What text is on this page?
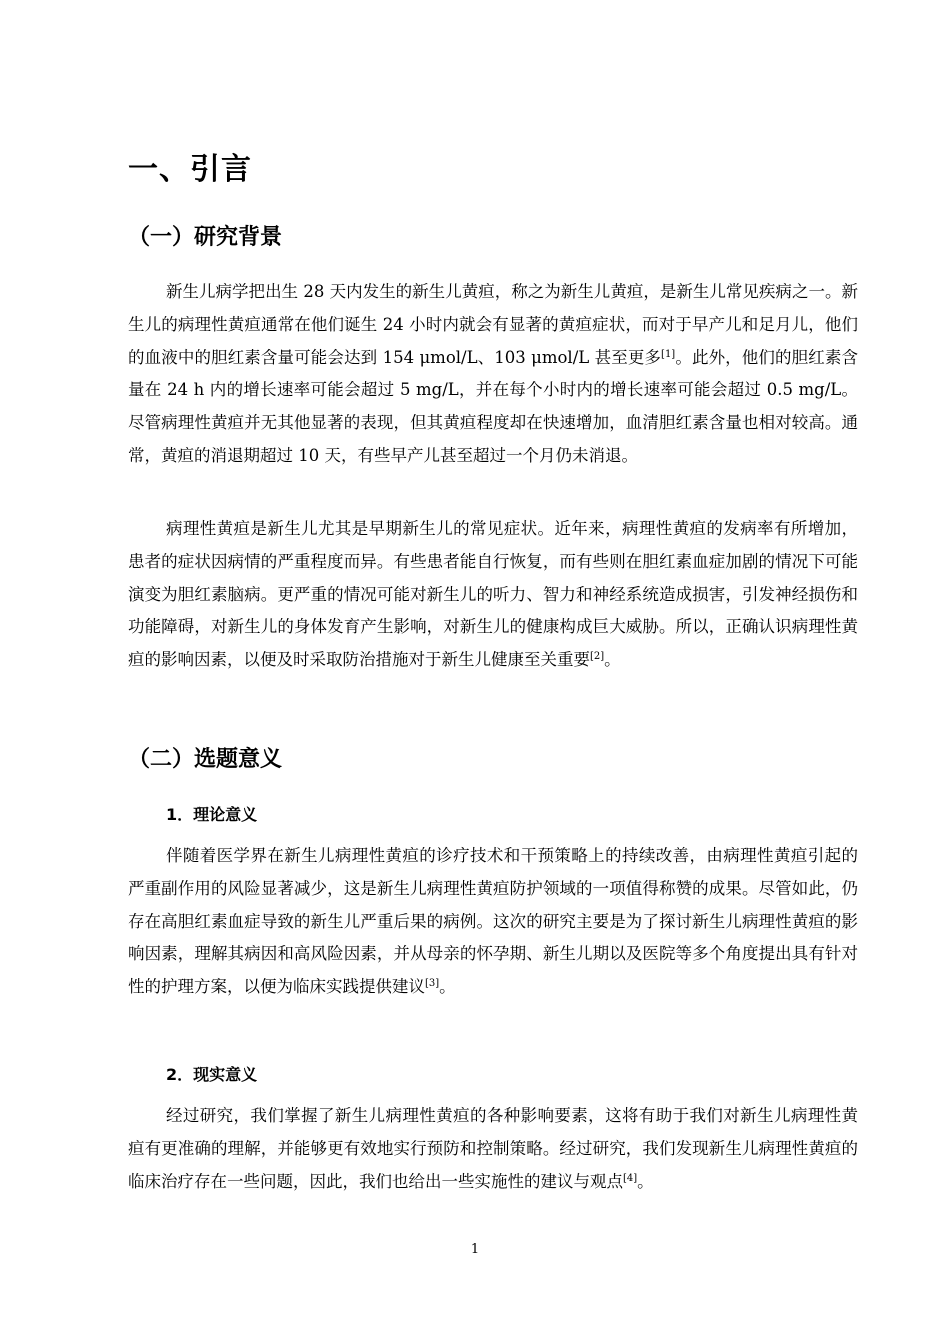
一、引言
（一）研究背景

新生儿病学把出生 28 天内发生的新生儿黄疸，称之为新生儿黄疸，是新生儿常见疾病之一。新生儿的病理性黄疸通常在他们诞生 24 小时内就会有显著的黄疸症状，而对于早产儿和足月儿，他们的血液中的胆红素含量可能会达到 154 μmol/L、103 μmol/L 甚至更多[1]。此外，他们的胆红素含量在 24 h 内的增长速率可能会超过 5 mg/L，并在每个小时内的增长速率可能会超过 0.5 mg/L。尽管病理性黄疸并无其他显著的表现，但其黄疸程度却在快速增加，血清胆红素含量也相对较高。通常，黄疸的消退期超过 10 天，有些早产儿甚至超过一个月仍未消退。

病理性黄疸是新生儿尤其是早期新生儿的常见症状。近年来，病理性黄疸的发病率有所增加，患者的症状因病情的严重程度而异。有些患者能自行恢复，而有些则在胆红素血症加剧的情况下可能演变为胆红素脑病。更严重的情况可能对新生儿的听力、智力和神经系统造成损害，引发神经损伤和功能障碍，对新生儿的身体发育产生影响，对新生儿的健康构成巨大威胁。所以，正确认识病理性黄疸的影响因素，以便及时采取防治措施对于新生儿健康至关重要[2]。

（二）选题意义
1．理论意义

伴随着医学界在新生儿病理性黄疸的诊疗技术和干预策略上的持续改善，由病理性黄疸引起的严重副作用的风险显著减少，这是新生儿病理性黄疸防护领域的一项值得称赞的成果。尽管如此，仍存在高胆红素血症导致的新生儿严重后果的病例。这次的研究主要是为了探讨新生儿病理性黄疸的影响因素，理解其病因和高风险因素，并从母亲的怀孕期、新生儿期以及医院等多个角度提出具有针对性的护理方案，以便为临床实践提供建议[3]。

2．现实意义

经过研究，我们掌握了新生儿病理性黄疸的各种影响要素，这将有助于我们对新生儿病理性黄疸有更准确的理解，并能够更有效地实行预防和控制策略。经过研究，我们发现新生儿病理性黄疸的临床治疗存在一些问题，因此，我们也给出一些实施性的建议与观点[4]。

1
